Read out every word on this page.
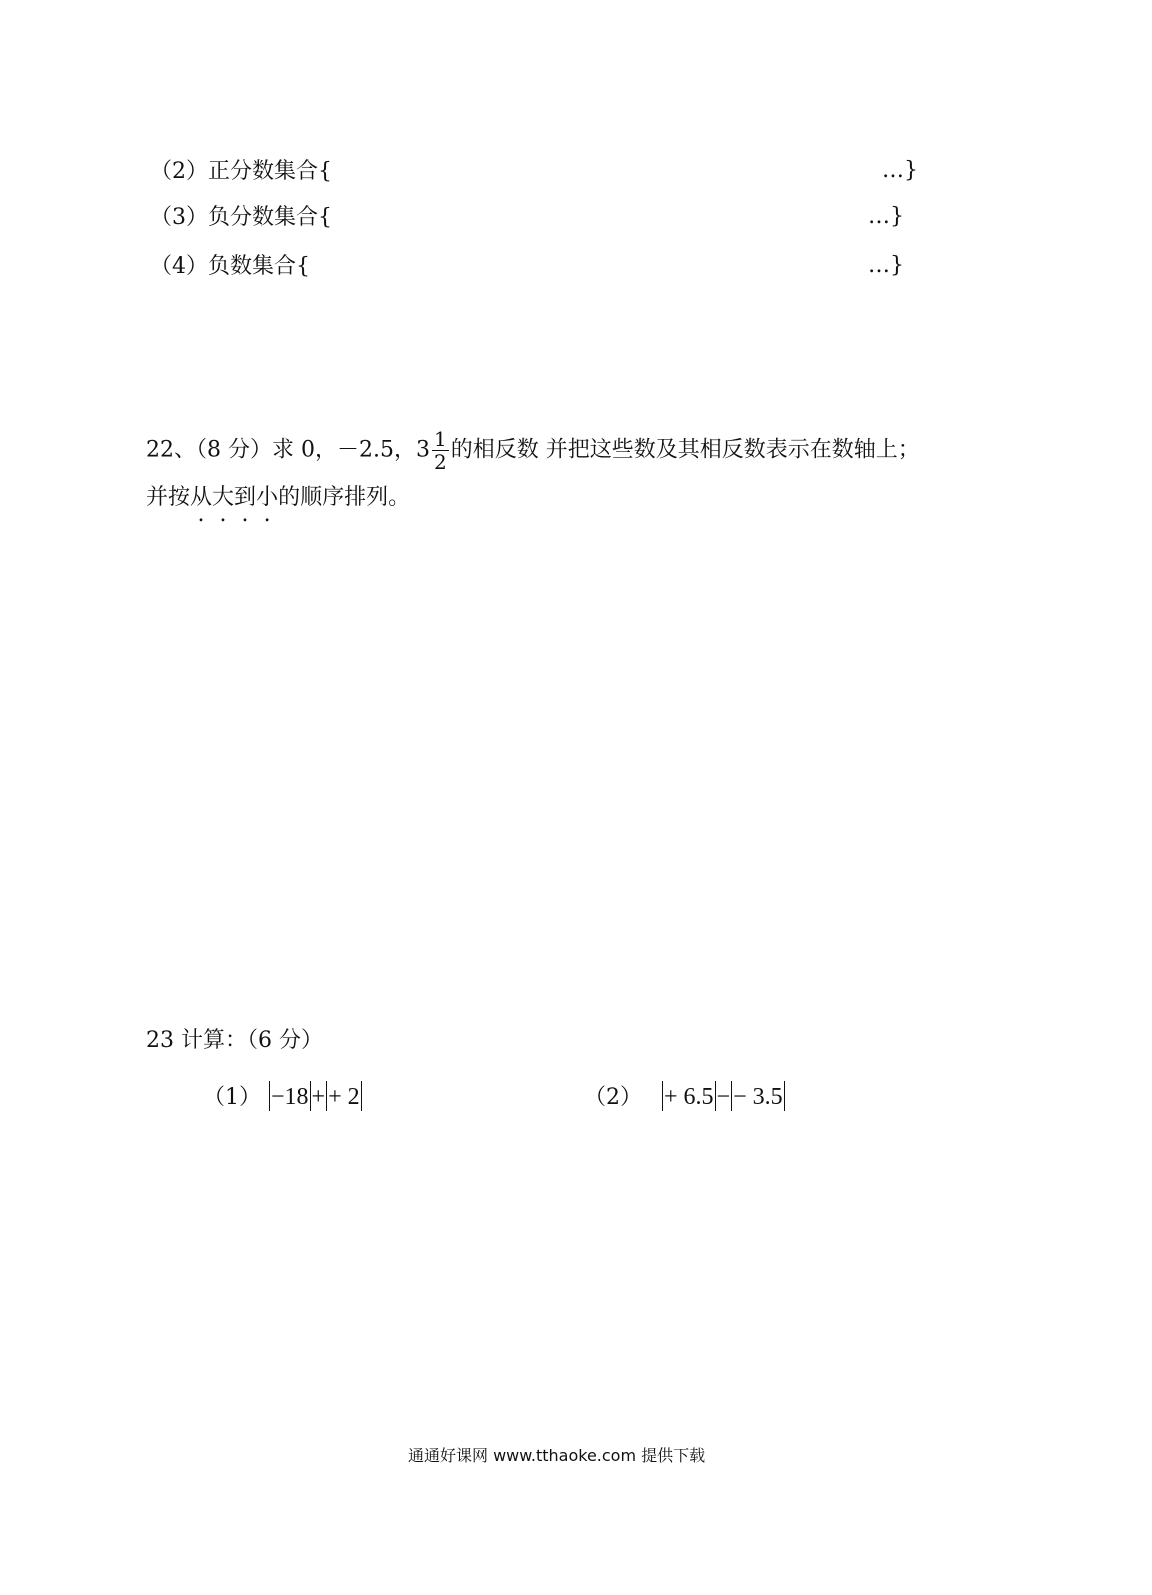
（2）正分数集合{	…}
（3）负分数集合{	…}
（4）负数集合{	…}
22、（8 分）求 0，－2.5，$3 \frac{1}{2}$ 的相反数 并把这些数及其相反数表示在数轴上；
并按从大到小的顺序排列。
23 计算：（6 分）
（1） −18 + + 2	（2） + 6.5 − − 3.5
通通好课网 www.tthaoke.com 提供下载
